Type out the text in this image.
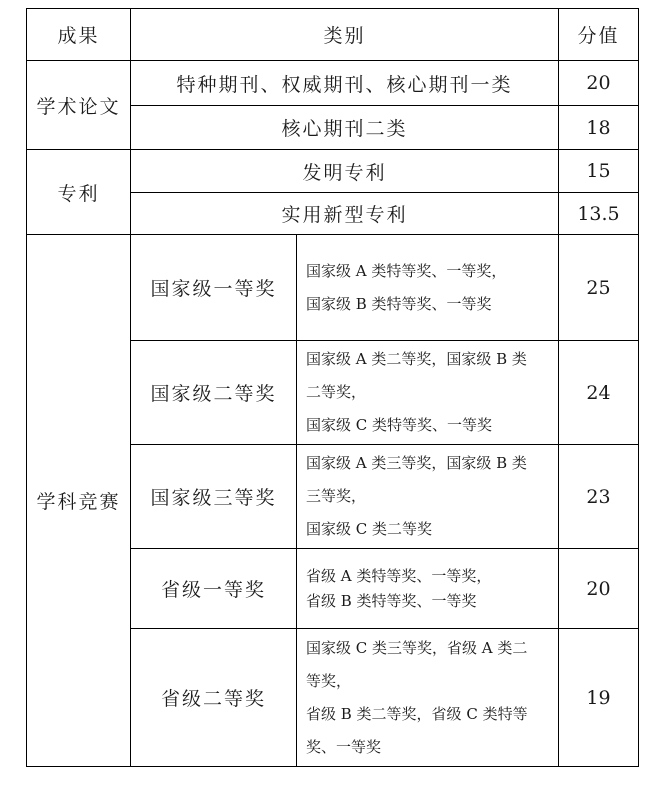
成果	类别		分值
学术论文	特种期刊、权威期刊、核心期刊一类		20
	核心期刊二类		18
专利	发明专利		15
	实用新型专利		13.5
学科竞赛	国家级一等奖	国家级 A 类特等奖、一等奖，
国家级 B 类特等奖、一等奖	25
	国家级二等奖	国家级 A 类二等奖，国家级 B 类
二等奖，
国家级 C 类特等奖、一等奖	24
	国家级三等奖	国家级 A 类三等奖，国家级 B 类
三等奖，
国家级 C 类二等奖	23
	省级一等奖	省级 A 类特等奖、一等奖，
省级 B 类特等奖、一等奖	20
	省级二等奖	国家级 C 类三等奖，省级 A 类二
等奖，
省级 B 类二等奖，省级 C 类特等
奖、一等奖	19
